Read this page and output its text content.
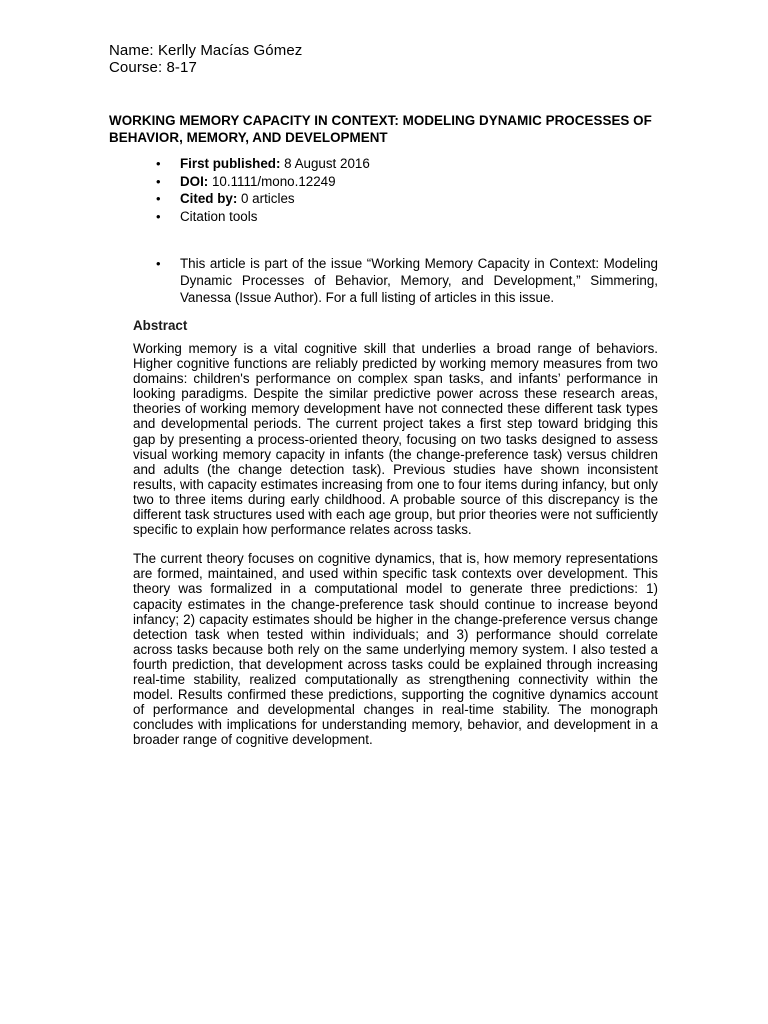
Name: Kerlly Macías Gómez
Course: 8-17
WORKING MEMORY CAPACITY IN CONTEXT: MODELING DYNAMIC PROCESSES OF BEHAVIOR, MEMORY, AND DEVELOPMENT
• First published: 8 August 2016
• DOI: 10.1111/mono.12249
• Cited by: 0 articles
• Citation tools
• This article is part of the issue “Working Memory Capacity in Context: Modeling Dynamic Processes of Behavior, Memory, and Development,” Simmering, Vanessa (Issue Author). For a full listing of articles in this issue.
Abstract

Working memory is a vital cognitive skill that underlies a broad range of behaviors. Higher cognitive functions are reliably predicted by working memory measures from two domains: children's performance on complex span tasks, and infants’ performance in looking paradigms. Despite the similar predictive power across these research areas, theories of working memory development have not connected these different task types and developmental periods. The current project takes a first step toward bridging this gap by presenting a process-oriented theory, focusing on two tasks designed to assess visual working memory capacity in infants (the change-preference task) versus children and adults (the change detection task). Previous studies have shown inconsistent results, with capacity estimates increasing from one to four items during infancy, but only two to three items during early childhood. A probable source of this discrepancy is the different task structures used with each age group, but prior theories were not sufficiently specific to explain how performance relates across tasks.

The current theory focuses on cognitive dynamics, that is, how memory representations are formed, maintained, and used within specific task contexts over development. This theory was formalized in a computational model to generate three predictions: 1) capacity estimates in the change-preference task should continue to increase beyond infancy; 2) capacity estimates should be higher in the change-preference versus change detection task when tested within individuals; and 3) performance should correlate across tasks because both rely on the same underlying memory system. I also tested a fourth prediction, that development across tasks could be explained through increasing real-time stability, realized computationally as strengthening connectivity within the model. Results confirmed these predictions, supporting the cognitive dynamics account of performance and developmental changes in real-time stability. The monograph concludes with implications for understanding memory, behavior, and development in a broader range of cognitive development.
